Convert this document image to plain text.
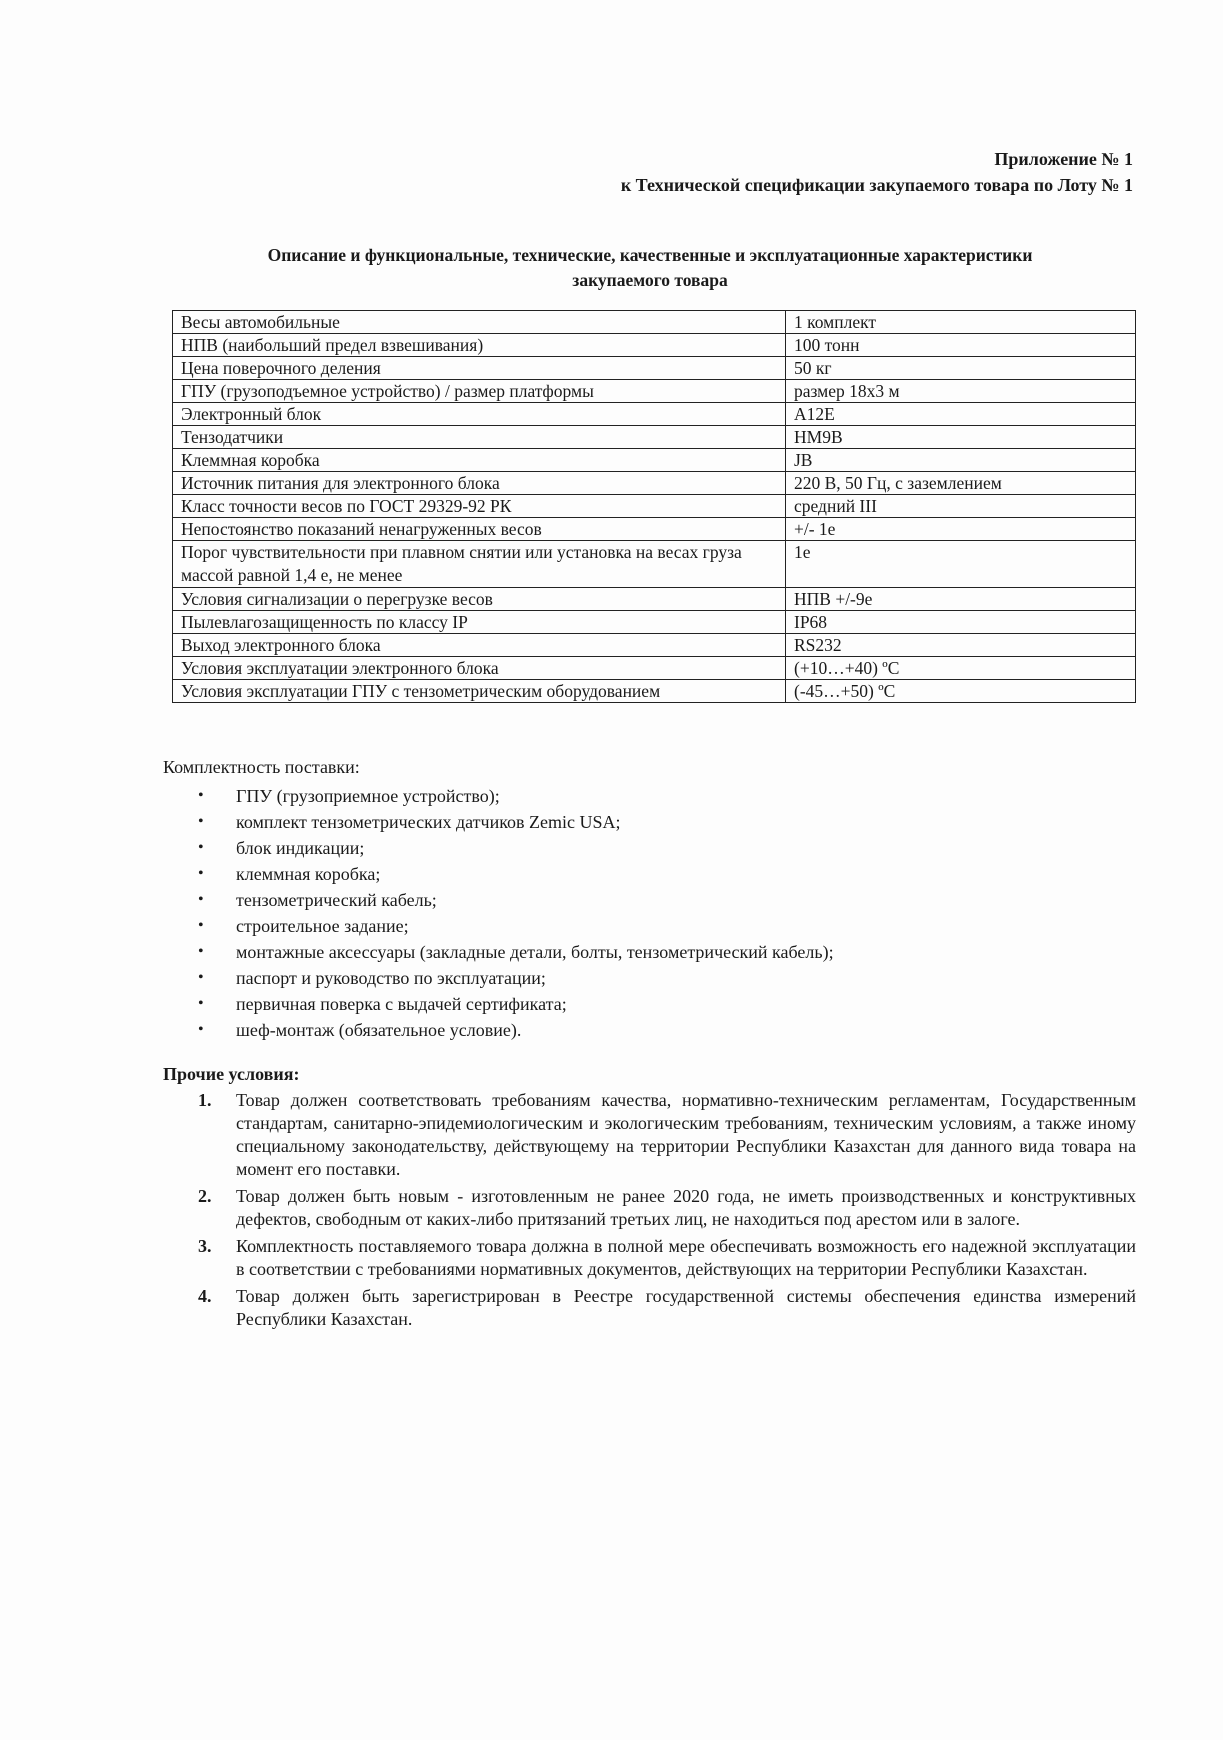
Приложение № 1
к Технической спецификации закупаемого товара по Лоту № 1
Описание и функциональные, технические, качественные и эксплуатационные характеристики
закупаемого товара
Весы автомобильные	1 комплект
НПВ (наибольший предел взвешивания)	100 тонн
Цена поверочного деления	50 кг
ГПУ (грузоподъемное устройство) / размер платформы	размер 18х3 м
Электронный блок	A12E
Тензодатчики	HM9B
Клеммная коробка	JB
Источник питания для электронного блока	220 В, 50 Гц, с заземлением
Класс точности весов по ГОСТ 29329-92 РК	средний III
Непостоянство показаний ненагруженных весов	+/- 1e
Порог чувствительности при плавном снятии или установка на весах груза массой равной 1,4 е, не менее	1e
Условия сигнализации о перегрузке весов	НПВ +/-9е
Пылевлагозащищенность по классу IP	IP68
Выход электронного блока	RS232
Условия эксплуатации электронного блока	(+10…+40) ºС
Условия эксплуатации ГПУ с тензометрическим оборудованием	(-45…+50) ºС
Комплектность поставки:
• ГПУ (грузоприемное устройство);
• комплект тензометрических датчиков Zemic USA;
• блок индикации;
• клеммная коробка;
• тензометрический кабель;
• строительное задание;
• монтажные аксессуары (закладные детали, болты, тензометрический кабель);
• паспорт и руководство по эксплуатации;
• первичная поверка с выдачей сертификата;
• шеф-монтаж (обязательное условие).
Прочие условия:
1. Товар должен соответствовать требованиям качества, нормативно-техническим регламентам, Государственным стандартам, санитарно-эпидемиологическим и экологическим требованиям, техническим условиям, а также иному специальному законодательству, действующему на территории Республики Казахстан для данного вида товара на момент его поставки.
2. Товар должен быть новым - изготовленным не ранее 2020 года, не иметь производственных и конструктивных дефектов, свободным от каких-либо притязаний третьих лиц, не находиться под арестом или в залоге.
3. Комплектность поставляемого товара должна в полной мере обеспечивать возможность его надежной эксплуатации в соответствии с требованиями нормативных документов, действующих на территории Республики Казахстан.
4. Товар должен быть зарегистрирован в Реестре государственной системы обеспечения единства измерений Республики Казахстан.
